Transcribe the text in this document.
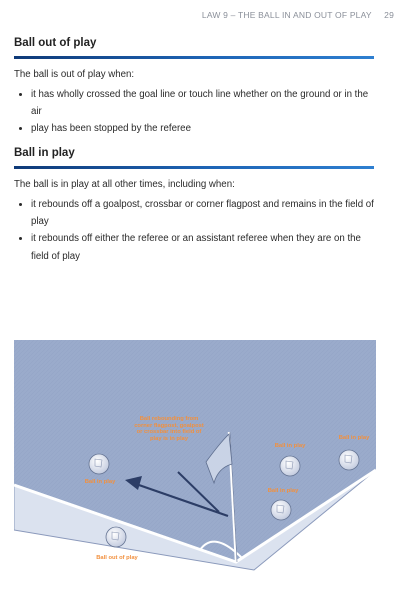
LAW 9 – THE BALL IN AND OUT OF PLAY 29
Ball out of play

The ball is out of play when:

• it has wholly crossed the goal line or touch line whether on the ground or in the air
• play has been stopped by the referee
Ball in play

The ball is in play at all other times, including when:

• it rebounds off a goalpost, crossbar or corner flagpost and remains in the field of play
• it rebounds off either the referee or an assistant referee when they are on the field of play
Ball rebounding from corner flagpost, goalpost or crossbar into field of play is in play
Ball in play
Ball in play
Ball in play
Ball in play
Ball out of play
